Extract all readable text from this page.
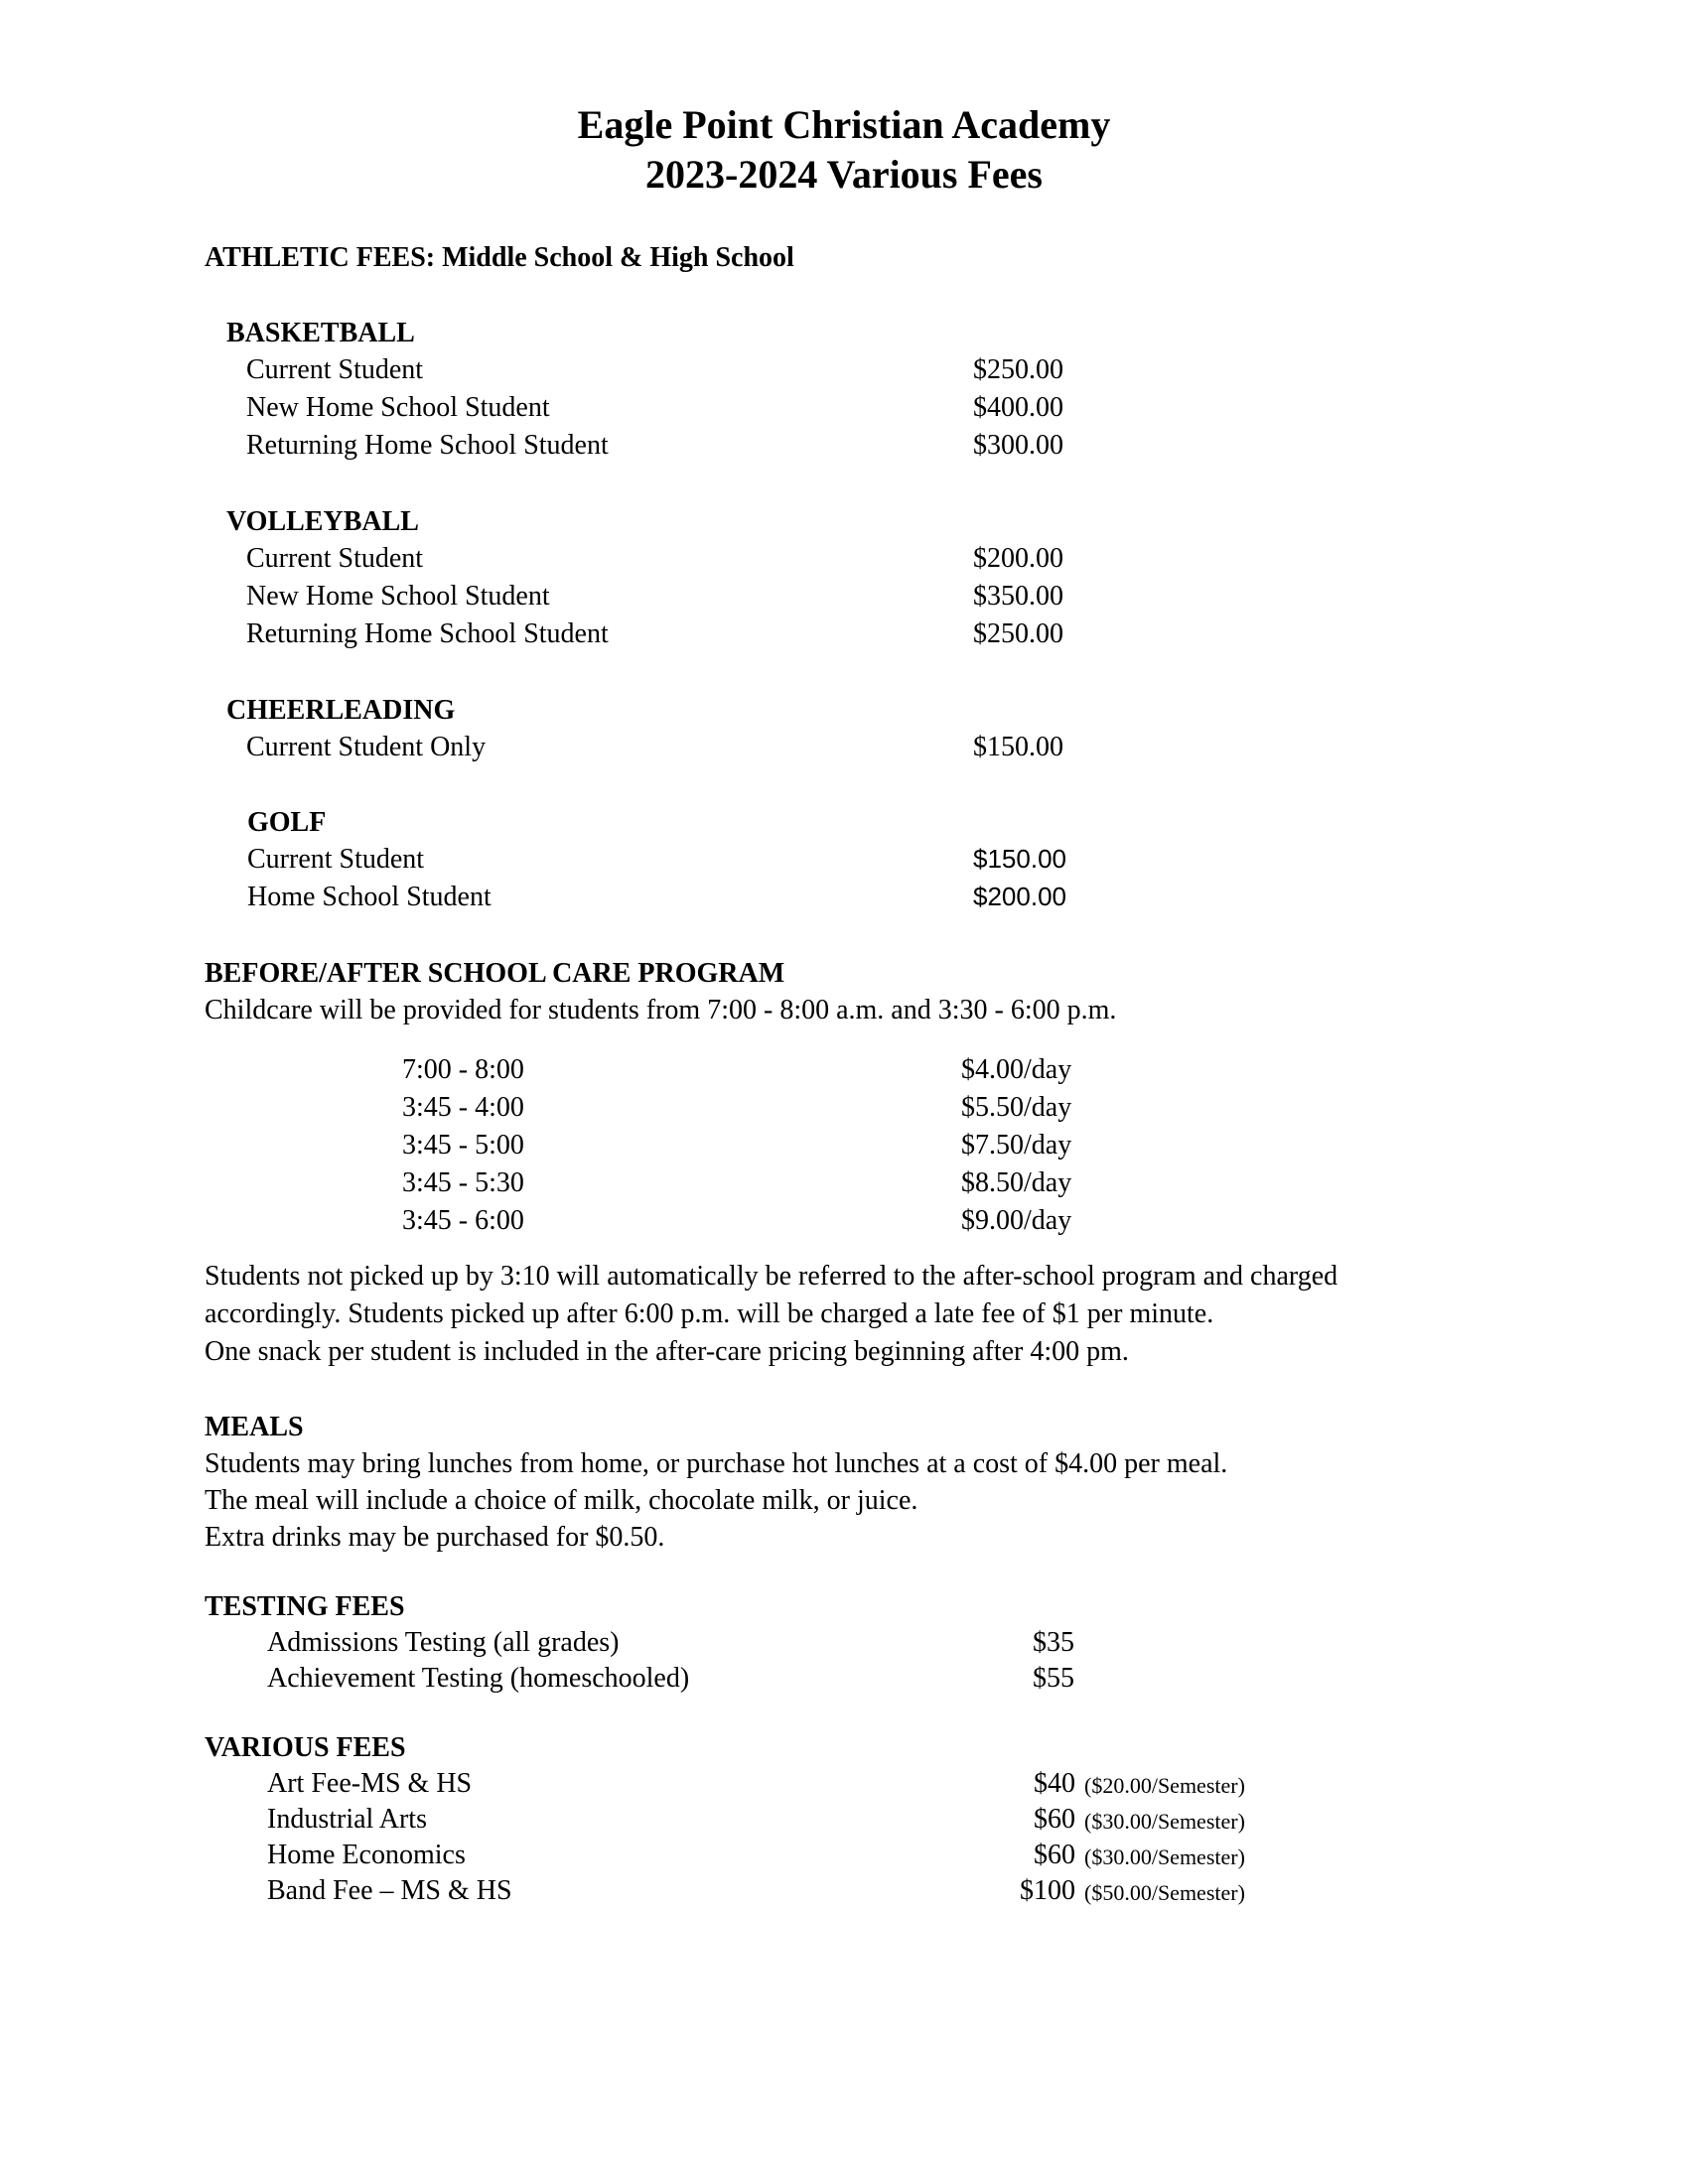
Eagle Point Christian Academy
2023-2024 Various Fees
ATHLETIC FEES: Middle School & High School
BASKETBALL
Current Student	$250.00
New Home School Student	$400.00
Returning Home School Student	$300.00
VOLLEYBALL
Current Student	$200.00
New Home School Student	$350.00
Returning Home School Student	$250.00
CHEERLEADING
Current Student Only	$150.00
GOLF
Current Student	$150.00
Home School Student	$200.00
BEFORE/AFTER SCHOOL CARE PROGRAM
Childcare will be provided for students from 7:00 - 8:00 a.m. and 3:30 - 6:00 p.m.
7:00 - 8:00	$4.00/day
3:45 - 4:00	$5.50/day
3:45 - 5:00	$7.50/day
3:45 - 5:30	$8.50/day
3:45 - 6:00	$9.00/day
Students not picked up by 3:10 will automatically be referred to the after-school program and charged
accordingly. Students picked up after 6:00 p.m. will be charged a late fee of $1 per minute.
One snack per student is included in the after-care pricing beginning after 4:00 pm.
MEALS
Students may bring lunches from home, or purchase hot lunches at a cost of $4.00 per meal.
The meal will include a choice of milk, chocolate milk, or juice.
Extra drinks may be purchased for $0.50.
TESTING FEES
Admissions Testing (all grades)	$35
Achievement Testing (homeschooled)	$55
VARIOUS FEES
Art Fee-MS & HS	$40 ($20.00/Semester)
Industrial Arts	$60 ($30.00/Semester)
Home Economics	$60 ($30.00/Semester)
Band Fee – MS & HS	$100 ($50.00/Semester)
